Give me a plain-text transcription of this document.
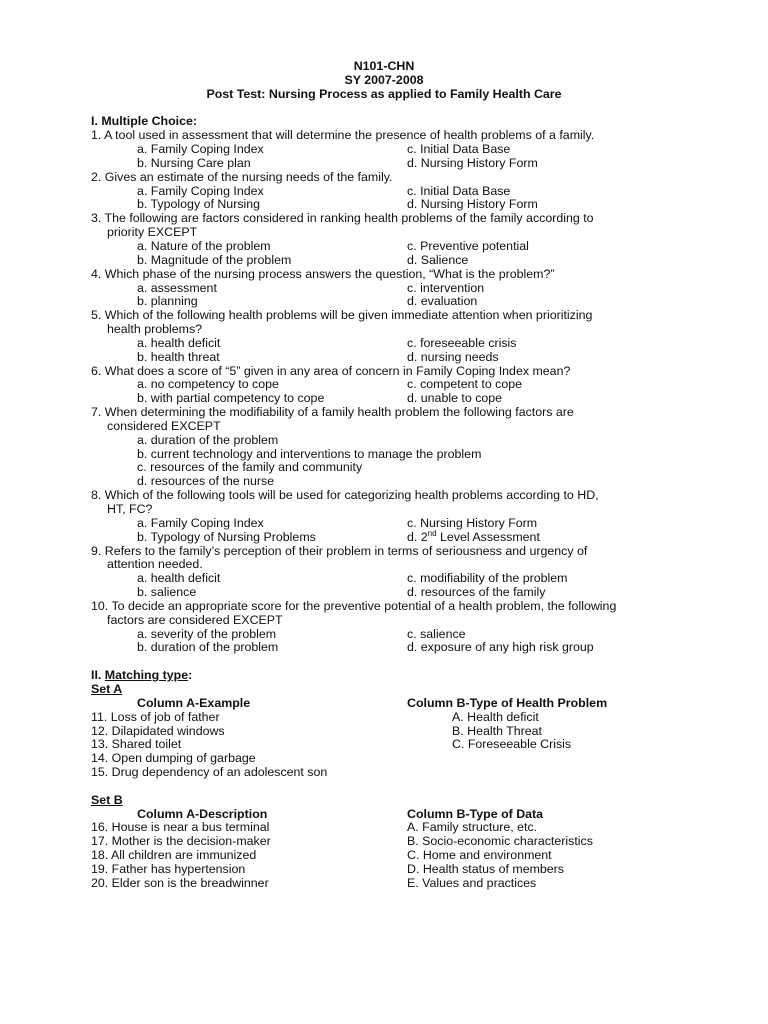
N101-CHN
SY 2007-2008
Post Test: Nursing Process as applied to Family Health Care
I. Multiple Choice:
1. A tool used in assessment that will determine the presence of health problems of a family.
a. Family Coping Index	c. Initial Data Base
b. Nursing Care plan	d. Nursing History Form
2. Gives an estimate of the nursing needs of the family.
a. Family Coping Index	c. Initial Data Base
b. Typology of Nursing	d. Nursing History Form
3. The following are factors considered in ranking health problems of the family according to
priority EXCEPT
a. Nature of the problem	c. Preventive potential
b. Magnitude of the problem	d. Salience
4. Which phase of the nursing process answers the question, “What is the problem?”
a. assessment	c. intervention
b. planning	d. evaluation
5. Which of the following health problems will be given immediate attention when prioritizing
health problems?
a. health deficit	c. foreseeable crisis
b. health threat	d. nursing needs
6. What does a score of “5” given in any area of concern in Family Coping Index mean?
a. no competency to cope	c. competent to cope
b. with partial competency to cope	d. unable to cope
7. When determining the modifiability of a family health problem the following factors are
considered EXCEPT
a. duration of the problem
b. current technology and interventions to manage the problem
c. resources of the family and community
d. resources of the nurse
8. Which of the following tools will be used for categorizing health problems according to HD,
HT, FC?
a. Family Coping Index	c. Nursing History Form
b. Typology of Nursing Problems	d. 2nd Level Assessment
9. Refers to the family’s perception of their problem in terms of seriousness and urgency of
attention needed.
a. health deficit	c. modifiability of the problem
b. salience	d. resources of the family
10. To decide an appropriate score for the preventive potential of a health problem, the following
factors are considered EXCEPT
a. severity of the problem	c. salience
b. duration of the problem	d. exposure of any high risk group
II. Matching type:
Set A
Column A-Example	Column B-Type of Health Problem
11. Loss of job of father	A. Health deficit
12. Dilapidated windows	B. Health Threat
13. Shared toilet	C. Foreseeable Crisis
14. Open dumping of garbage
15. Drug dependency of an adolescent son
Set B
Column A-Description	Column B-Type of Data
16. House is near a bus terminal	A. Family structure, etc.
17. Mother is the decision-maker	B. Socio-economic characteristics
18. All children are immunized	C. Home and environment
19. Father has hypertension	D. Health status of members
20. Elder son is the breadwinner	E. Values and practices
